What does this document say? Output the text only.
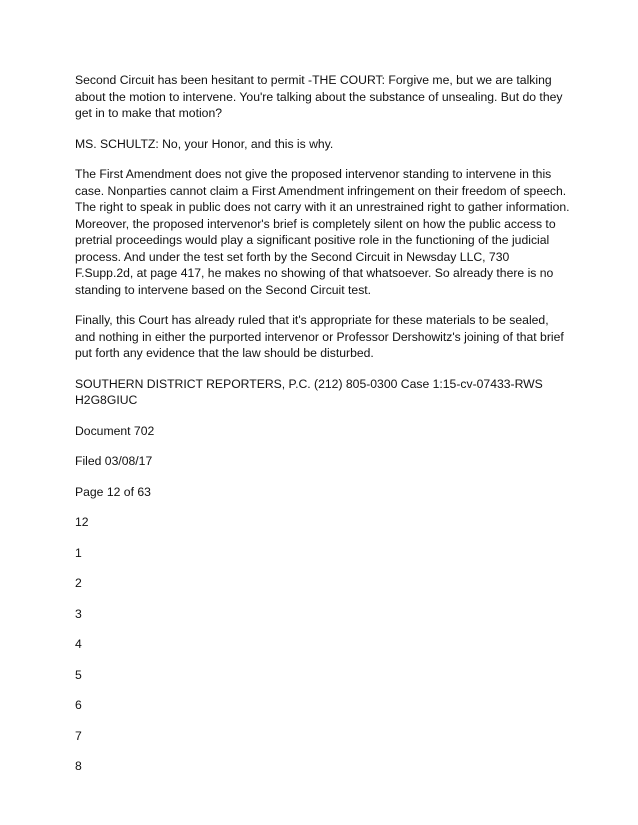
Second Circuit has been hesitant to permit -THE COURT: Forgive me, but we are talking about the motion to intervene. You're talking about the substance of unsealing. But do they get in to make that motion?

MS. SCHULTZ: No, your Honor, and this is why.

The First Amendment does not give the proposed intervenor standing to intervene in this case. Nonparties cannot claim a First Amendment infringement on their freedom of speech. The right to speak in public does not carry with it an unrestrained right to gather information. Moreover, the proposed intervenor's brief is completely silent on how the public access to pretrial proceedings would play a significant positive role in the functioning of the judicial process. And under the test set forth by the Second Circuit in Newsday LLC, 730 F.Supp.2d, at page 417, he makes no showing of that whatsoever. So already there is no standing to intervene based on the Second Circuit test.

Finally, this Court has already ruled that it's appropriate for these materials to be sealed, and nothing in either the purported intervenor or Professor Dershowitz's joining of that brief put forth any evidence that the law should be disturbed.

SOUTHERN DISTRICT REPORTERS, P.C. (212) 805-0300 Case 1:15-cv-07433-RWS H2G8GIUC

Document 702

Filed 03/08/17

Page 12 of 63

12

1

2

3

4

5

6

7

8
